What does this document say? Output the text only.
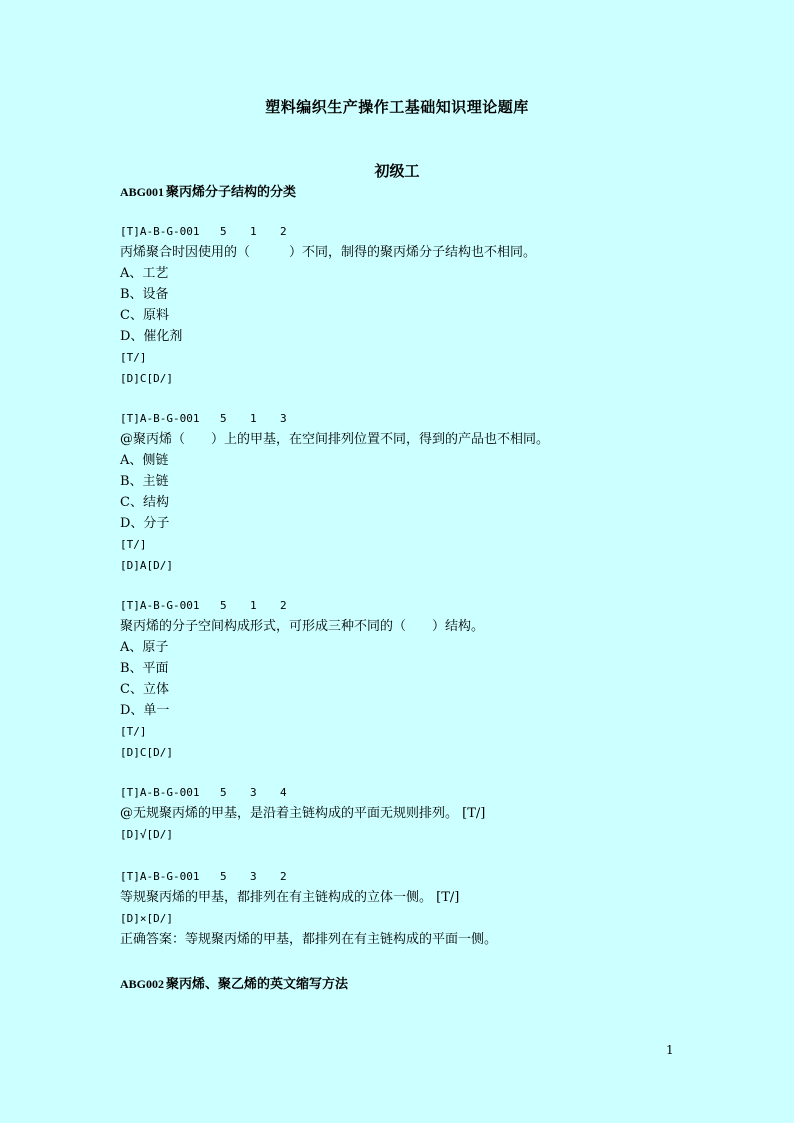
塑料编织生产操作工基础知识理论题库
初级工
ABG001 聚丙烯分子结构的分类
[T]A-B-G-001 5 1 2
丙烯聚合时因使用的（　　　）不同，制得的聚丙烯分子结构也不相同。
A、工艺
B、设备
C、原料
D、催化剂
[T/]
[D]C[D/]
[T]A-B-G-001 5 1 3
@聚丙烯（　　）上的甲基，在空间排列位置不同，得到的产品也不相同。
A、侧链
B、主链
C、结构
D、分子
[T/]
[D]A[D/]
[T]A-B-G-001 5 1 2
聚丙烯的分子空间构成形式，可形成三种不同的（　　）结构。
A、原子
B、平面
C、立体
D、单一
[T/]
[D]C[D/]
[T]A-B-G-001 5 3 4
@无规聚丙烯的甲基，是沿着主链构成的平面无规则排列。 [T/]
[D]√[D/]
[T]A-B-G-001 5 3 2
等规聚丙烯的甲基，都排列在有主链构成的立体一侧。 [T/]
[D]×[D/]
正确答案：等规聚丙烯的甲基，都排列在有主链构成的平面一侧。
ABG002 聚丙烯、聚乙烯的英文缩写方法
1
